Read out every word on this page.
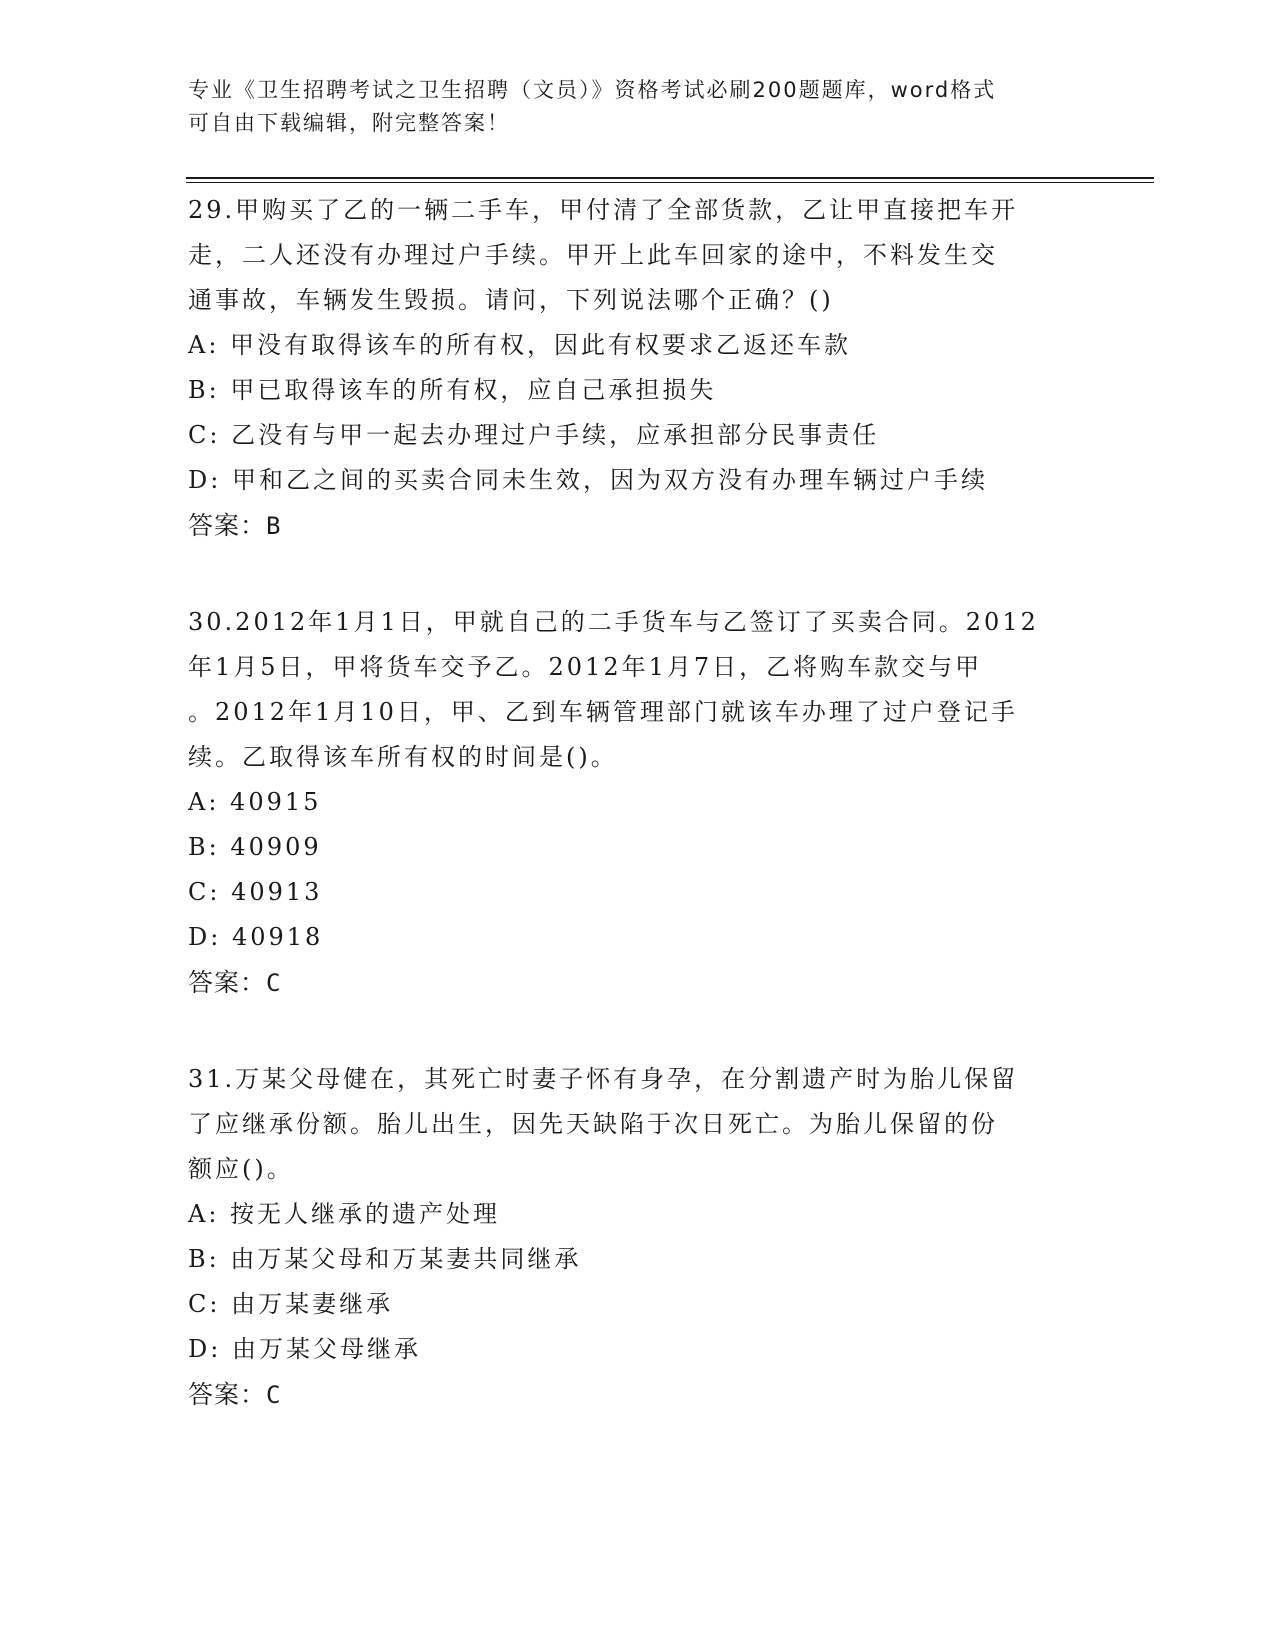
专业《卫生招聘考试之卫生招聘（文员）》资格考试必刷200题题库，word格式
可自由下载编辑，附完整答案！
29.甲购买了乙的一辆二手车，甲付清了全部货款，乙让甲直接把车开
走，二人还没有办理过户手续。甲开上此车回家的途中，不料发生交
通事故，车辆发生毁损。请问，下列说法哪个正确？()
A: 甲没有取得该车的所有权，因此有权要求乙返还车款
B: 甲已取得该车的所有权，应自己承担损失
C: 乙没有与甲一起去办理过户手续，应承担部分民事责任
D: 甲和乙之间的买卖合同未生效，因为双方没有办理车辆过户手续
答案：B
30.2012年1月1日，甲就自己的二手货车与乙签订了买卖合同。2012
年1月5日，甲将货车交予乙。2012年1月7日，乙将购车款交与甲
。2012年1月10日，甲、乙到车辆管理部门就该车办理了过户登记手
续。乙取得该车所有权的时间是()。
A: 40915
B: 40909
C: 40913
D: 40918
答案：C
31.万某父母健在，其死亡时妻子怀有身孕，在分割遗产时为胎儿保留
了应继承份额。胎儿出生，因先天缺陷于次日死亡。为胎儿保留的份
额应()。
A: 按无人继承的遗产处理
B: 由万某父母和万某妻共同继承
C: 由万某妻继承
D: 由万某父母继承
答案：C
